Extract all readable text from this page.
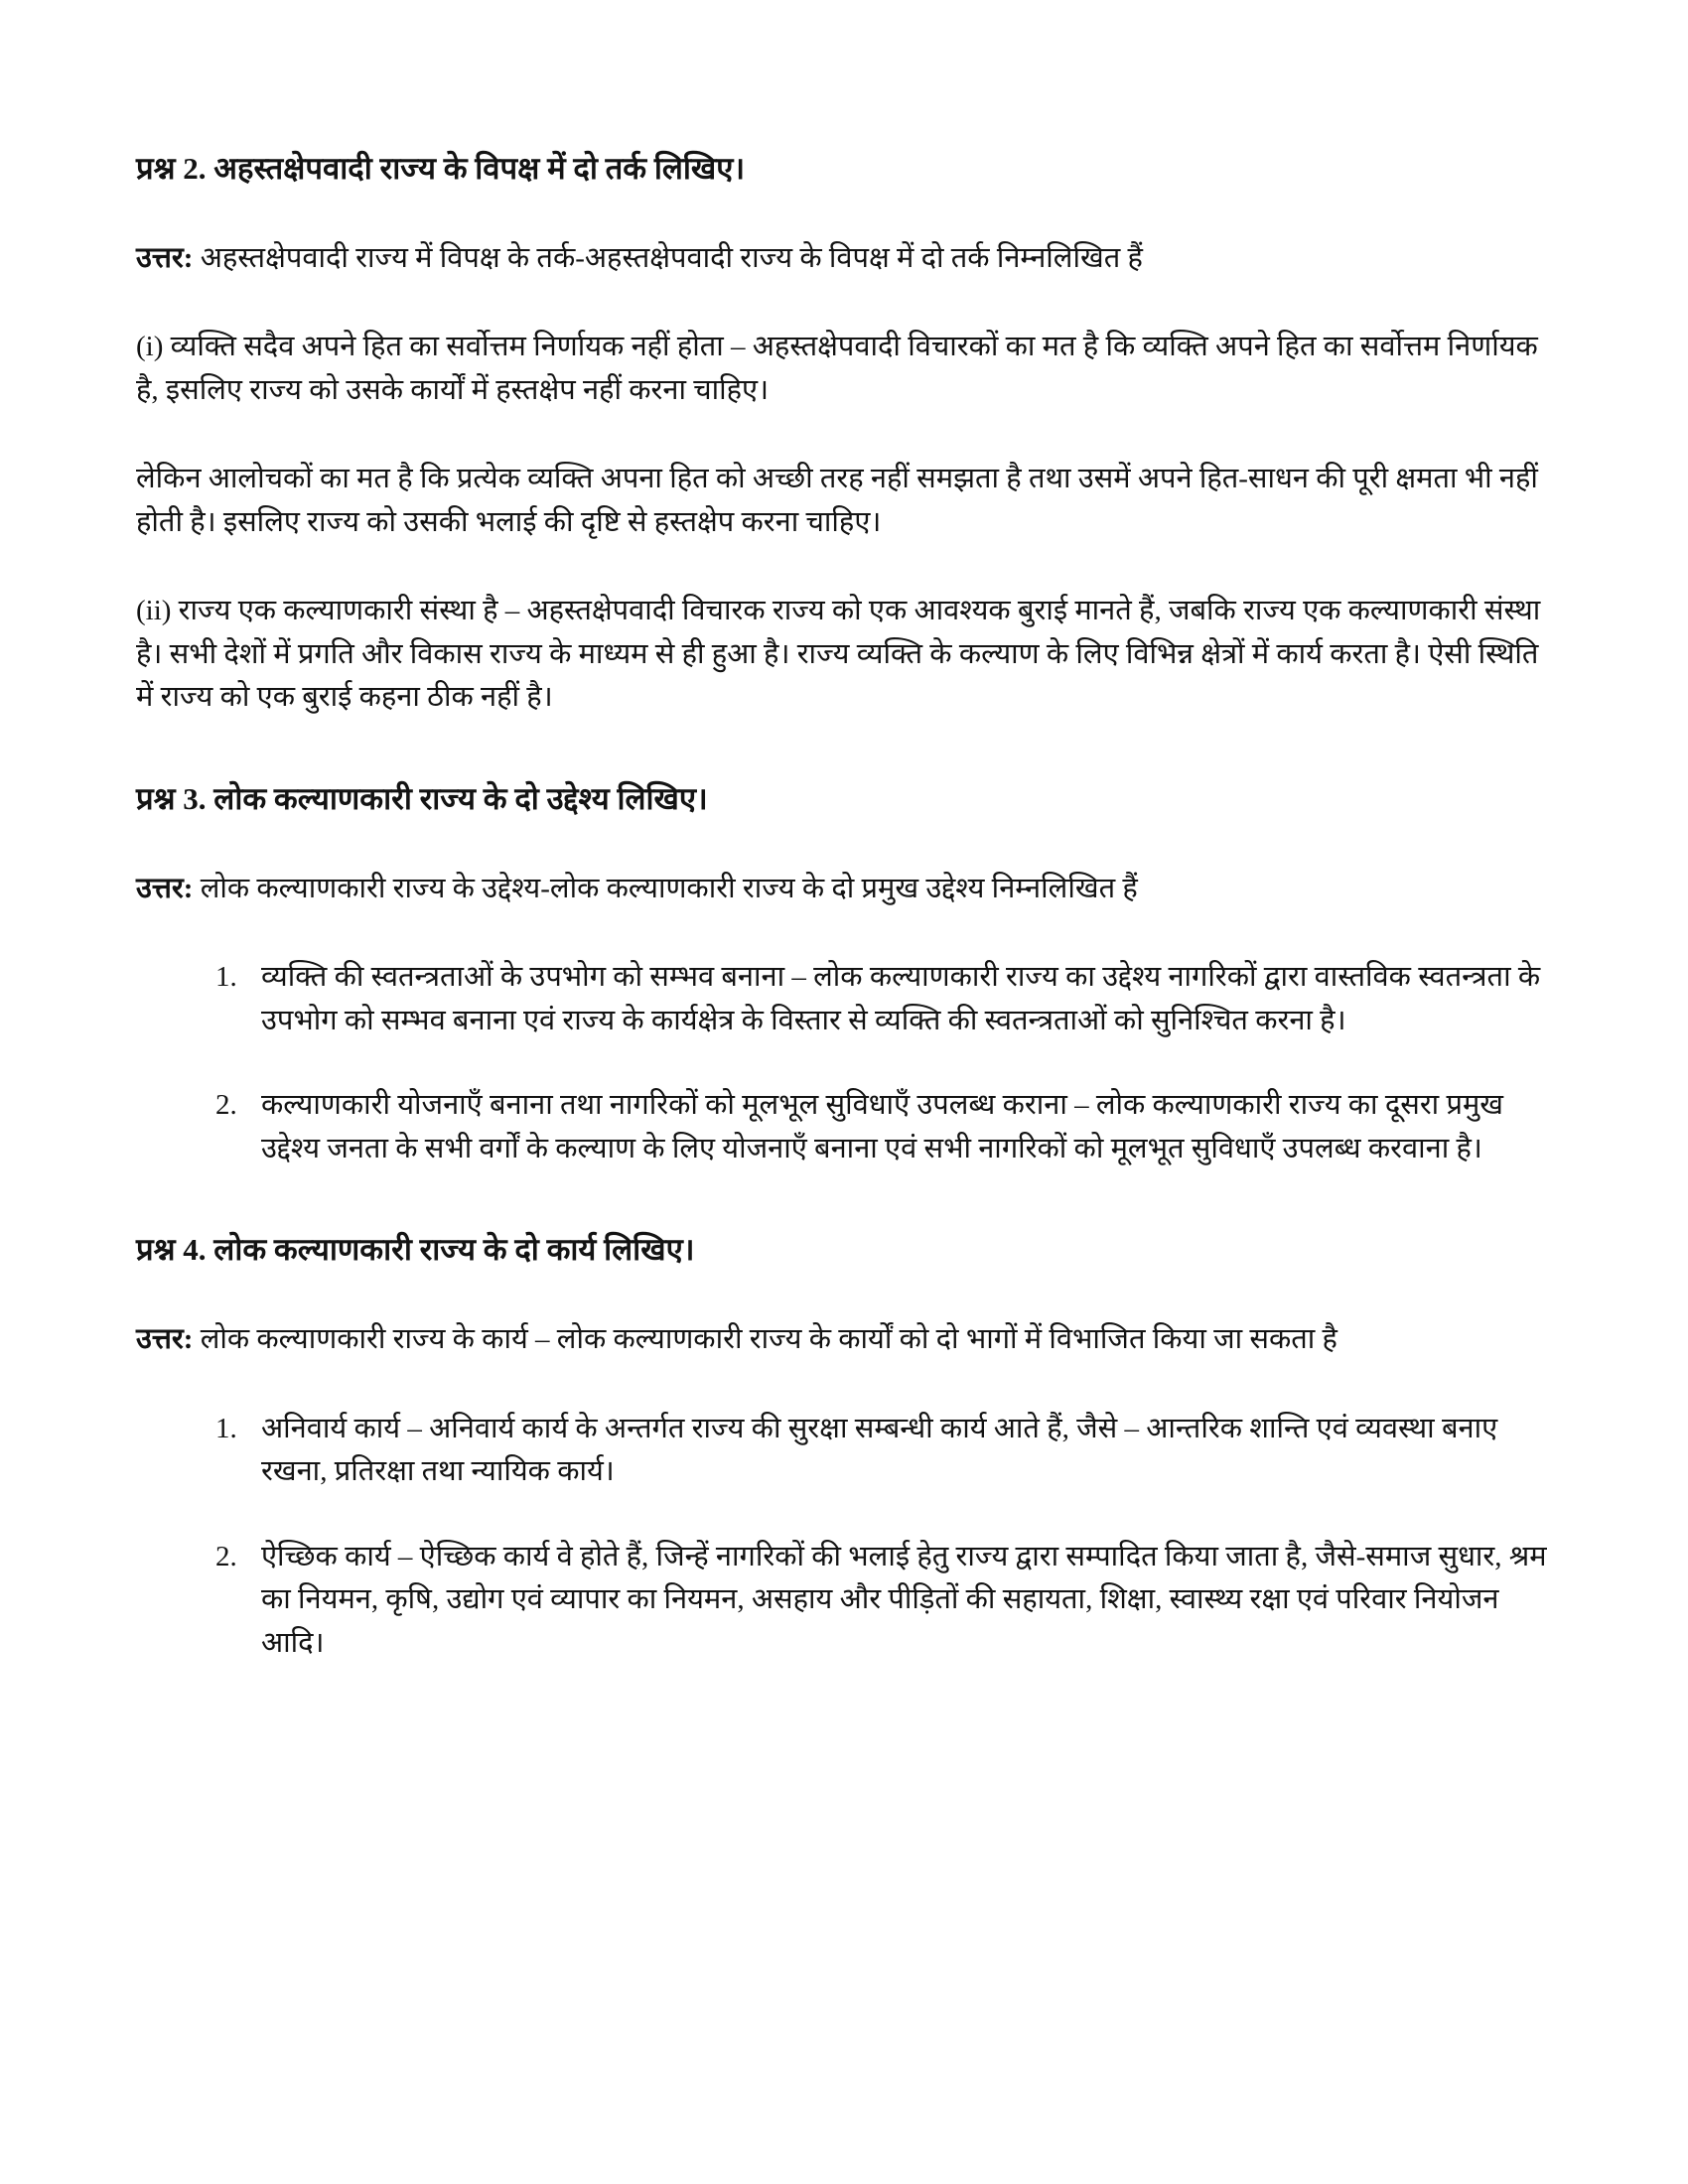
प्रश्न 2. अहस्तक्षेपवादी राज्य के विपक्ष में दो तर्क लिखिए।

उत्तर: अहस्तक्षेपवादी राज्य में विपक्ष के तर्क-अहस्तक्षेपवादी राज्य के विपक्ष में दो तर्क निम्नलिखित हैं

(i) व्यक्ति सदैव अपने हित का सर्वोत्तम निर्णायक नहीं होता – अहस्तक्षेपवादी विचारकों का मत है कि व्यक्ति अपने हित का सर्वोत्तम निर्णायक है, इसलिए राज्य को उसके कार्यों में हस्तक्षेप नहीं करना चाहिए।

लेकिन आलोचकों का मत है कि प्रत्येक व्यक्ति अपना हित को अच्छी तरह नहीं समझता है तथा उसमें अपने हित-साधन की पूरी क्षमता भी नहीं होती है। इसलिए राज्य को उसकी भलाई की दृष्टि से हस्तक्षेप करना चाहिए।

(ii) राज्य एक कल्याणकारी संस्था है – अहस्तक्षेपवादी विचारक राज्य को एक आवश्यक बुराई मानते हैं, जबकि राज्य एक कल्याणकारी संस्था है। सभी देशों में प्रगति और विकास राज्य के माध्यम से ही हुआ है। राज्य व्यक्ति के कल्याण के लिए विभिन्न क्षेत्रों में कार्य करता है। ऐसी स्थिति में राज्य को एक बुराई कहना ठीक नहीं है।

प्रश्न 3. लोक कल्याणकारी राज्य के दो उद्देश्य लिखिए।

उत्तर: लोक कल्याणकारी राज्य के उद्देश्य-लोक कल्याणकारी राज्य के दो प्रमुख उद्देश्य निम्नलिखित हैं

1. व्यक्ति की स्वतन्त्रताओं के उपभोग को सम्भव बनाना – लोक कल्याणकारी राज्य का उद्देश्य नागरिकों द्वारा वास्तविक स्वतन्त्रता के उपभोग को सम्भव बनाना एवं राज्य के कार्यक्षेत्र के विस्तार से व्यक्ति की स्वतन्त्रताओं को सुनिश्चित करना है।
2. कल्याणकारी योजनाएँ बनाना तथा नागरिकों को मूलभूल सुविधाएँ उपलब्ध कराना – लोक कल्याणकारी राज्य का दूसरा प्रमुख उद्देश्य जनता के सभी वर्गों के कल्याण के लिए योजनाएँ बनाना एवं सभी नागरिकों को मूलभूत सुविधाएँ उपलब्ध करवाना है।
प्रश्न 4. लोक कल्याणकारी राज्य के दो कार्य लिखिए।

उत्तर: लोक कल्याणकारी राज्य के कार्य – लोक कल्याणकारी राज्य के कार्यों को दो भागों में विभाजित किया जा सकता है

1. अनिवार्य कार्य – अनिवार्य कार्य के अन्तर्गत राज्य की सुरक्षा सम्बन्धी कार्य आते हैं, जैसे – आन्तरिक शान्ति एवं व्यवस्था बनाए रखना, प्रतिरक्षा तथा न्यायिक कार्य।
2. ऐच्छिक कार्य – ऐच्छिक कार्य वे होते हैं, जिन्हें नागरिकों की भलाई हेतु राज्य द्वारा सम्पादित किया जाता है, जैसे-समाज सुधार, श्रम का नियमन, कृषि, उद्योग एवं व्यापार का नियमन, असहाय और पीड़ितों की सहायता, शिक्षा, स्वास्थ्य रक्षा एवं परिवार नियोजन आदि।
